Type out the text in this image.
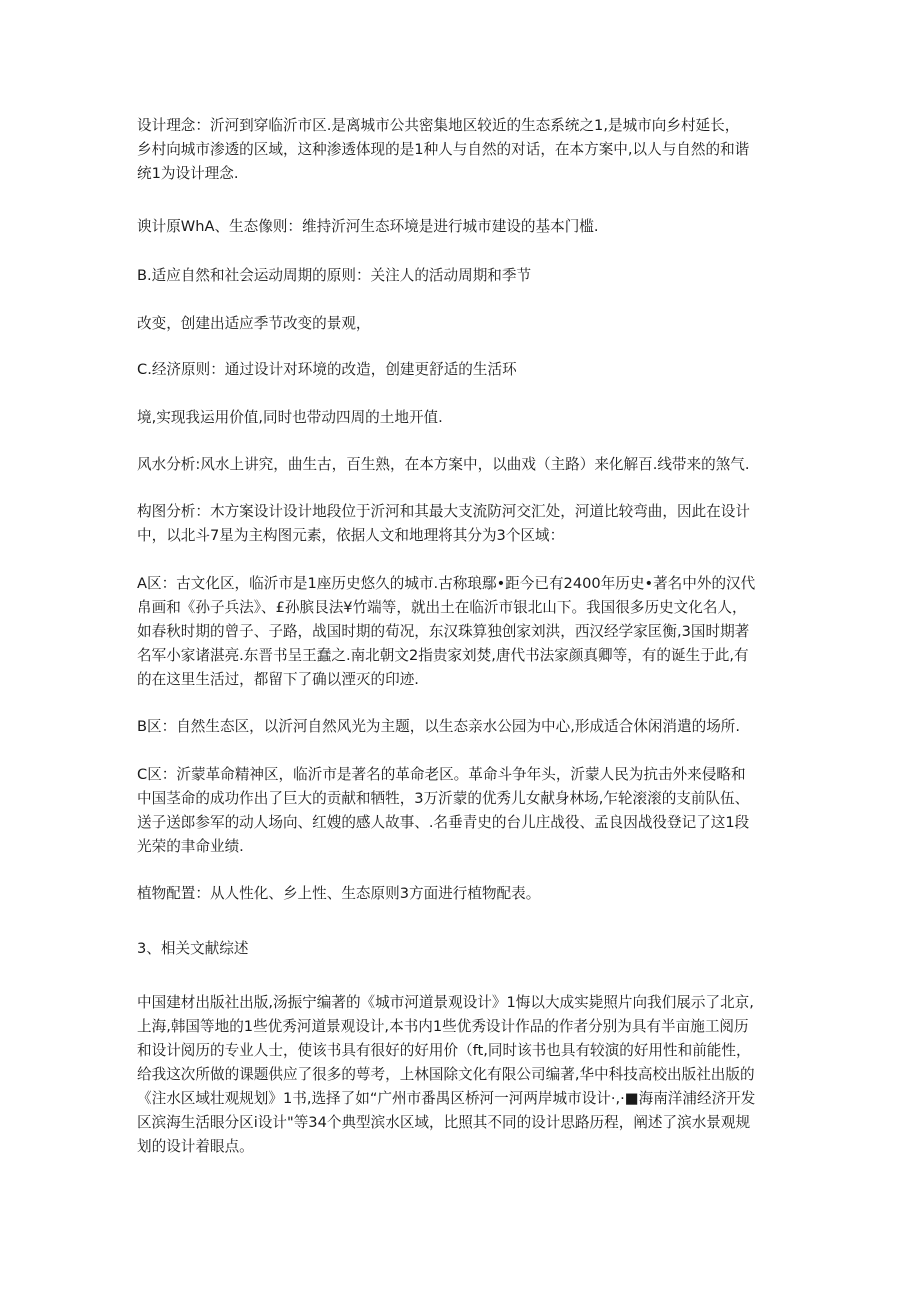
设计理念：沂河到穿临沂市区.是离城市公共密集地区较近的生态系统之1,是城市向乡村延长，
乡村向城市渗透的区域，这种渗透体现的是1种人与自然的对话，在本方案中,以人与自然的和谐
统1为设计理念.
谀计原WhA、生态像则：维持沂河生态环境是进行城市建设的基本门槛.
B.适应自然和社会运动周期的原则：关注人的活动周期和季节
改变，创建出适应季节改变的景观，
C.经济原则：通过设计对环境的改造，创建更舒适的生活环
境,实现我运用价值,同时也带动四周的土地开值.
风水分析:风水上讲究，曲生古，百生熟，在本方案中，以曲戏（主路）来化解百.线带来的煞气.
构图分析：木方案设计设计地段位于沂河和其最大支流防河交汇处，河道比较弯曲，因此在设计
中，以北斗7星为主构图元素，依据人文和地理将其分为3个区域：
A区：古文化区，临沂市是1座历史悠久的城市.古称琅鄢•距今已有2400年历史•著名中外的汉代
帛画和《孙子兵法》、£孙膑艮法¥竹端等，就出土在临沂市银北山下。我国很多历史文化名人，
如春秋时期的曾子、子路，战国时期的荀况，东汉珠算独创家刘洪，西汉经学家匡衡,3国时期著
名军小家诸湛亮.东晋书呈王蠢之.南北朝文2指贵家刘焚,唐代书法家颜真卿等，有的诞生于此,有
的在这里生活过，都留下了确以湮灭的印迹.
B区：自然生态区，以沂河自然风光为主题，以生态亲水公园为中心,形成适合休闲消遣的场所.
C区：沂蒙革命精神区，临沂市是著名的革命老区。革命斗争年头，沂蒙人民为抗击外来侵略和
中国茎命的成功作出了巨大的贡献和牺牲，3万沂蒙的优秀儿女献身林场,乍轮滚滚的支前队伍、
送子送郎参军的动人场向、红嫂的感人故事、.名垂青史的台儿庄战役、孟良因战役登记了这1段
光荣的聿命业绩.
植物配置：从人性化、乡上性、生态原则3方面进行植物配表。
3、相关文献综述
中国建材出版社出版,汤振宁编著的《城市河道景观设计》1悔以大成实毙照片向我们展示了北京,
上海,韩国等地的1些优秀河道景观设计,本书内1些优秀设计作品的作者分别为具有半亩施工阅历
和设计阅历的专业人士，使该书具有很好的好用价（ft,同时该书也具有较演的好用性和前能性，
给我这次所做的课题供应了很多的萼考，上林国除文化有限公司编著,华中科技高校出版社出版的
《注水区域壮观规划》1书,选择了如“广州市番禺区桥河一河两岸城市设计·,·■海南洋浦经济开发
区滨海生活眼分区i设计"等34个典型滨水区域，比照其不同的设计思路历程，阐述了滨水景观规
划的设计着眼点。
